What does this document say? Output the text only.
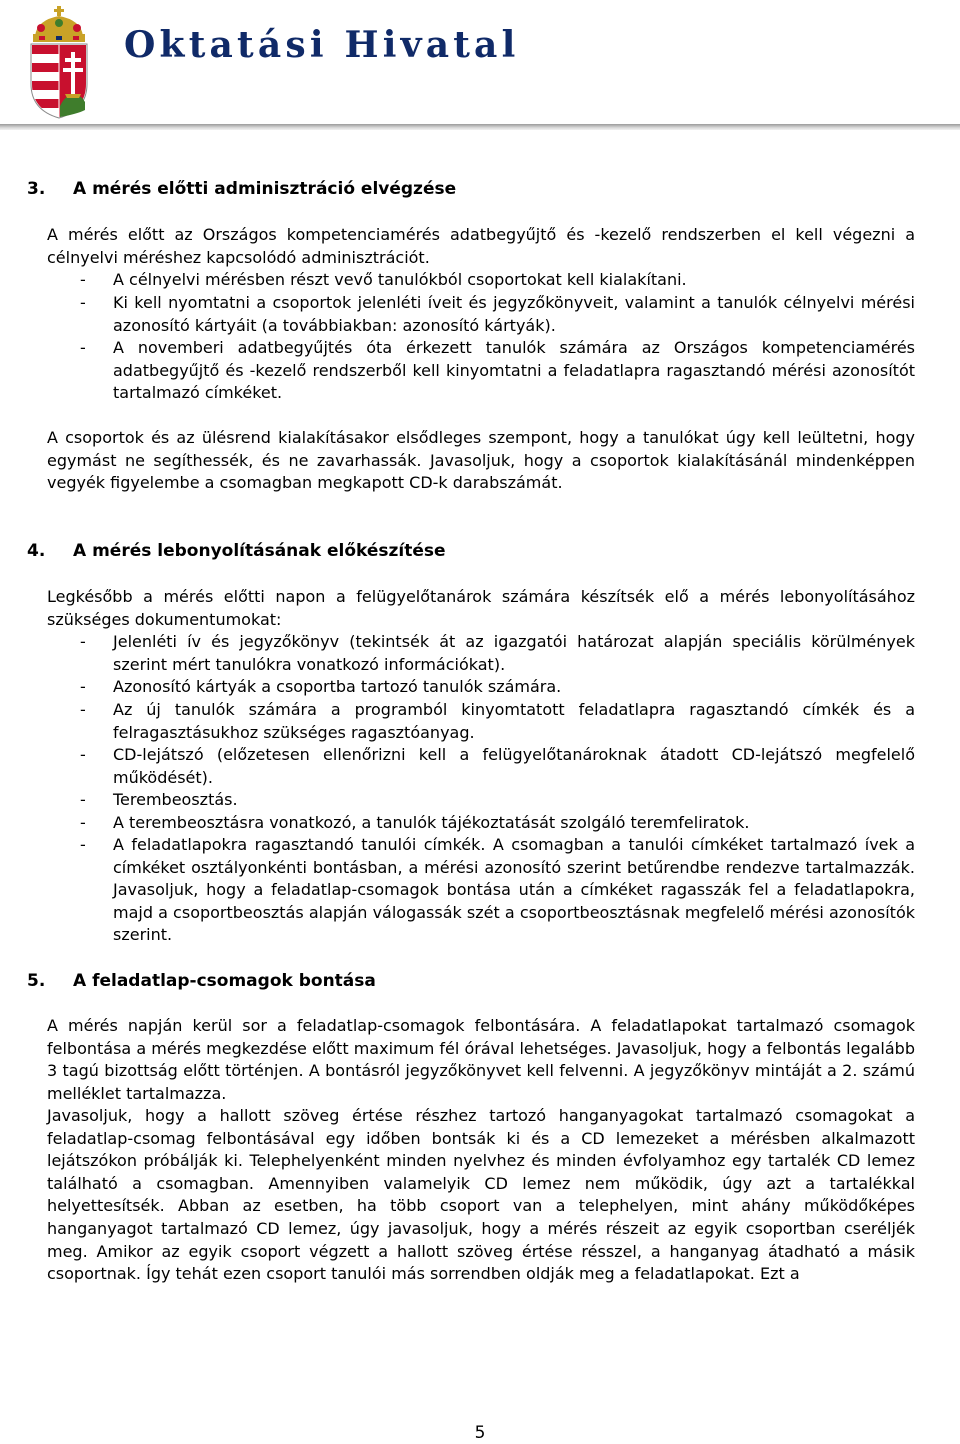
Oktatási Hivatal
3. A mérés előtti adminisztráció elvégzése

A mérés előtt az Országos kompetenciamérés adatbegyűjtő és -kezelő rendszerben el kell végezni a célnyelvi méréshez kapcsolódó adminisztrációt.

- A célnyelvi mérésben részt vevő tanulókból csoportokat kell kialakítani.
- Ki kell nyomtatni a csoportok jelenléti íveit és jegyzőkönyveit, valamint a tanulók célnyelvi mérési azonosító kártyáit (a továbbiakban: azonosító kártyák).
- A novemberi adatbegyűjtés óta érkezett tanulók számára az Országos kompetenciamérés adatbegyűjtő és -kezelő rendszerből kell kinyomtatni a feladatlapra ragasztandó mérési azonosítót tartalmazó címkéket.

A csoportok és az ülésrend kialakításakor elsődleges szempont, hogy a tanulókat úgy kell leültetni, hogy egymást ne segíthessék, és ne zavarhassák. Javasoljuk, hogy a csoportok kialakításánál mindenképpen vegyék figyelembe a csomagban megkapott CD-k darabszámát.

4. A mérés lebonyolításának előkészítése

Legkésőbb a mérés előtti napon a felügyelőtanárok számára készítsék elő a mérés lebonyolításához szükséges dokumentumokat:

- Jelenléti ív és jegyzőkönyv (tekintsék át az igazgatói határozat alapján speciális körülmények szerint mért tanulókra vonatkozó információkat).
- Azonosító kártyák a csoportba tartozó tanulók számára.
- Az új tanulók számára a programból kinyomtatott feladatlapra ragasztandó címkék és a felragasztásukhoz szükséges ragasztóanyag.
- CD-lejátszó (előzetesen ellenőrizni kell a felügyelőtanároknak átadott CD-lejátszó megfelelő működését).
- Terembeosztás.
- A terembeosztásra vonatkozó, a tanulók tájékoztatását szolgáló teremfeliratok.
- A feladatlapokra ragasztandó tanulói címkék. A csomagban a tanulói címkéket tartalmazó ívek a címkéket osztályonkénti bontásban, a mérési azonosító szerint betűrendbe rendezve tartalmazzák. Javasoljuk, hogy a feladatlap-csomagok bontása után a címkéket ragasszák fel a feladatlapokra, majd a csoportbeosztás alapján válogassák szét a csoportbeosztásnak megfelelő mérési azonosítók szerint.
5. A feladatlap-csomagok bontása

A mérés napján kerül sor a feladatlap-csomagok felbontására. A feladatlapokat tartalmazó csomagok felbontása a mérés megkezdése előtt maximum fél órával lehetséges. Javasoljuk, hogy a felbontás legalább 3 tagú bizottság előtt történjen. A bontásról jegyzőkönyvet kell felvenni. A jegyzőkönyv mintáját a 2. számú melléklet tartalmazza.

Javasoljuk, hogy a hallott szöveg értése részhez tartozó hanganyagokat tartalmazó csomagokat a feladatlap-csomag felbontásával egy időben bontsák ki és a CD lemezeket a mérésben alkalmazott lejátszókon próbálják ki. Telephelyenként minden nyelvhez és minden évfolyamhoz egy tartalék CD lemez található a csomagban. Amennyiben valamelyik CD lemez nem működik, úgy azt a tartalékkal helyettesítsék. Abban az esetben, ha több csoport van a telephelyen, mint ahány működőképes hanganyagot tartalmazó CD lemez, úgy javasoljuk, hogy a mérés részeit az egyik csoportban cseréljék meg. Amikor az egyik csoport végzett a hallott szöveg értése résszel, a hanganyag átadható a másik csoportnak. Így tehát ezen csoport tanulói más sorrendben oldják meg a feladatlapokat. Ezt a

5
